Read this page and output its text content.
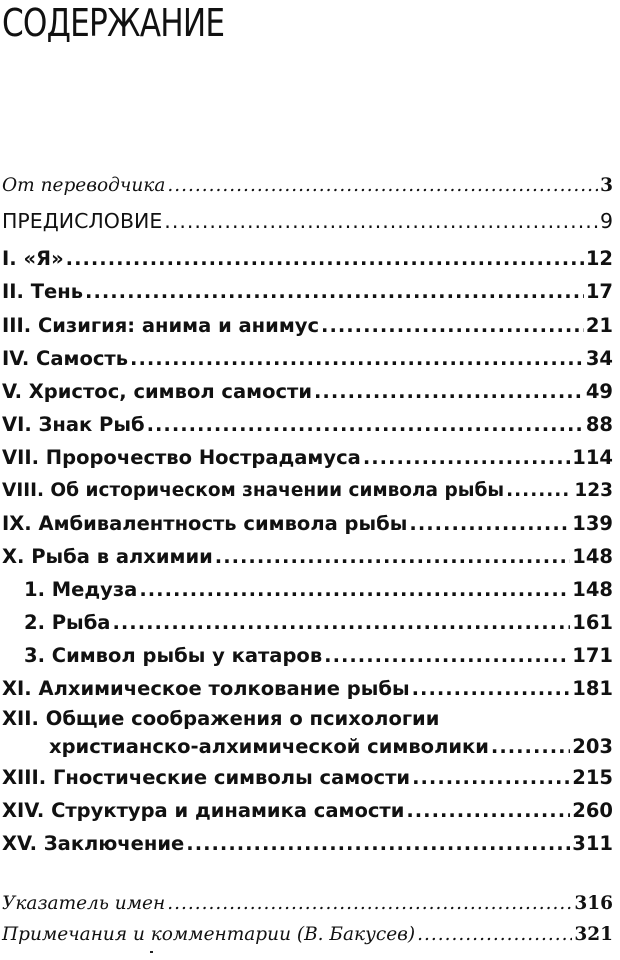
СОДЕРЖАНИЕ
От переводчика .....	3
ПРЕДИСЛОВИЕ .....	9
I. «Я» .....	12
II. Тень .....	17
III. Сизигия: анима и анимус .....	21
IV. Самость .....	34
V. Христос, символ самости .....	49
VI. Знак Рыб .....	88
VII. Пророчество Нострадамуса .....	114
VIII. Об историческом значении символа рыбы .....	123
IX. Амбивалентность символа рыбы .....	139
X. Рыба в алхимии .....	148
1. Медуза .....	148
2. Рыба .....	161
3. Символ рыбы у катаров .....	171
XI. Алхимическое толкование рыбы .....	181
XII. Общие соображения о психологии
христианско-алхимической символики .....	203
XIII. Гностические символы самости .....	215
XIV. Структура и динамика самости .....	260
XV. Заключение .....	311
Указатель имен .....	316
Примечания и комментарии (В. Бакусев) .....	321
